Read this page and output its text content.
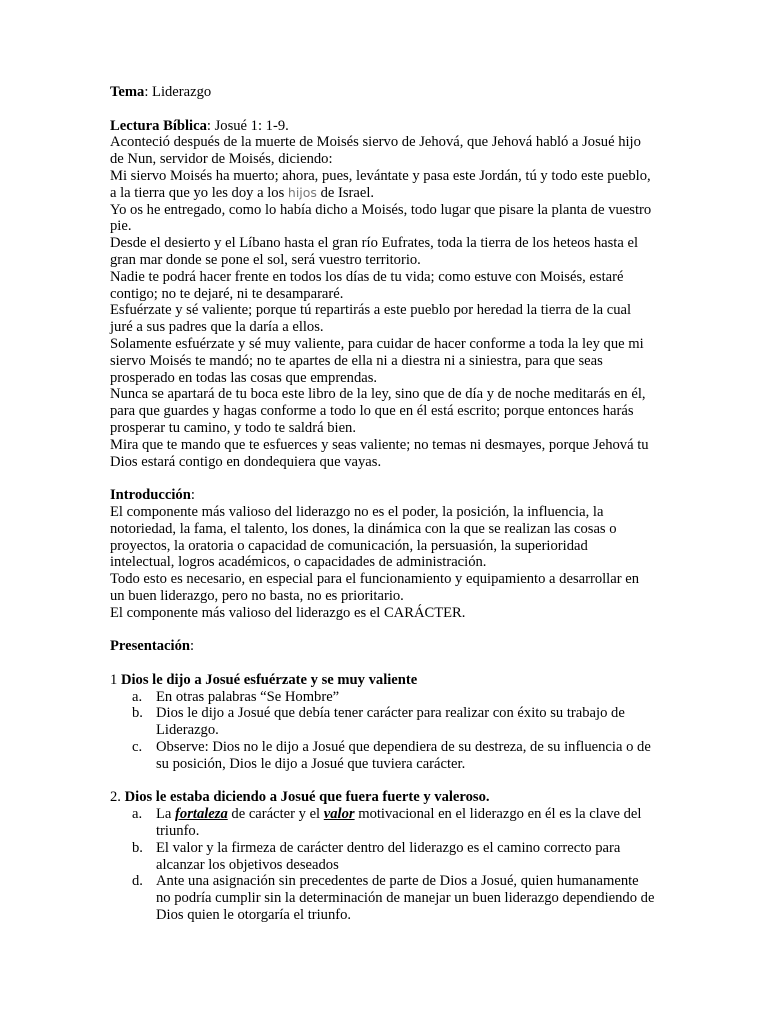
Tema: Liderazgo

Lectura Bíblica: Josué 1: 1-9.

Aconteció después de la muerte de Moisés siervo de Jehová, que Jehová habló a Josué hijo de Nun, servidor de Moisés, diciendo:

Mi siervo Moisés ha muerto; ahora, pues, levántate y pasa este Jordán, tú y todo este pueblo, a la tierra que yo les doy a los hijos de Israel.

Yo os he entregado, como lo había dicho a Moisés, todo lugar que pisare la planta de vuestro pie.

Desde el desierto y el Líbano hasta el gran río Eufrates, toda la tierra de los heteos hasta el gran mar donde se pone el sol, será vuestro territorio.

Nadie te podrá hacer frente en todos los días de tu vida; como estuve con Moisés, estaré contigo; no te dejaré, ni te desampararé.

Esfuérzate y sé valiente; porque tú repartirás a este pueblo por heredad la tierra de la cual juré a sus padres que la daría a ellos.

Solamente esfuérzate y sé muy valiente, para cuidar de hacer conforme a toda la ley que mi siervo Moisés te mandó; no te apartes de ella ni a diestra ni a siniestra, para que seas prosperado en todas las cosas que emprendas.

Nunca se apartará de tu boca este libro de la ley, sino que de día y de noche meditarás en él, para que guardes y hagas conforme a todo lo que en él está escrito; porque entonces harás prosperar tu camino, y todo te saldrá bien.

Mira que te mando que te esfuerces y seas valiente; no temas ni desmayes, porque Jehová tu Dios estará contigo en dondequiera que vayas.

Introducción:

El componente más valioso del liderazgo no es el poder, la posición, la influencia, la notoriedad, la fama, el talento, los dones, la dinámica con la que se realizan las cosas o proyectos, la oratoria o capacidad de comunicación, la persuasión, la superioridad intelectual, logros académicos, o capacidades de administración.

Todo esto es necesario, en especial para el funcionamiento y equipamiento a desarrollar en un buen liderazgo, pero no basta, no es prioritario.

El componente más valioso del liderazgo es el CARÁCTER.

Presentación:

1 Dios le dijo a Josué esfuérzate y se muy valiente

a. En otras palabras “Se Hombre”
b. Dios le dijo a Josué que debía tener carácter para realizar con éxito su trabajo de Liderazgo.
c. Observe: Dios no le dijo a Josué que dependiera de su destreza, de su influencia o de su posición, Dios le dijo a Josué que tuviera carácter.

2. Dios le estaba diciendo a Josué que fuera fuerte y valeroso.

a. La fortaleza de carácter y el valor motivacional en el liderazgo en él es la clave del triunfo.
b. El valor y la firmeza de carácter dentro del liderazgo es el camino correcto para alcanzar los objetivos deseados
d. Ante una asignación sin precedentes de parte de Dios a Josué, quien humanamente no podría cumplir sin la determinación de manejar un buen liderazgo dependiendo de Dios quien le otorgaría el triunfo.
